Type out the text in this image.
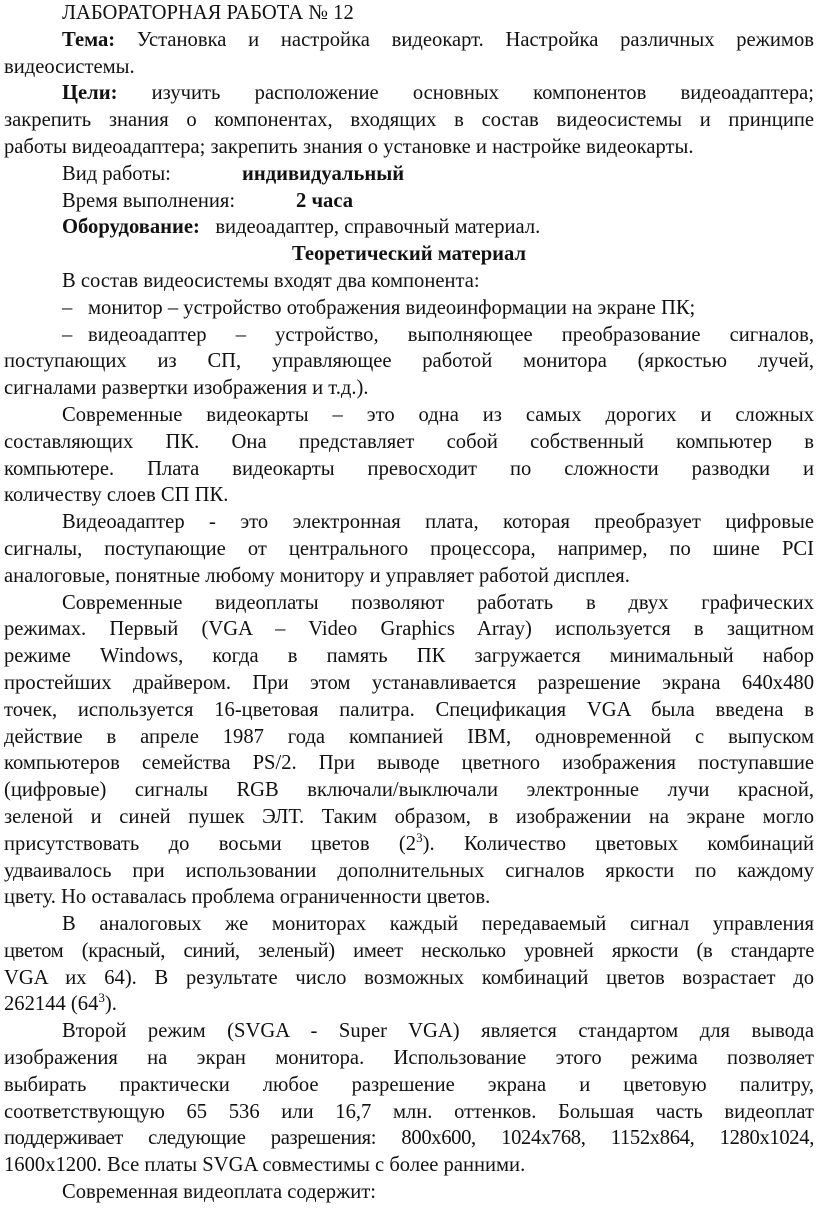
ЛАБОРАТОРНАЯ РАБОТА № 12
Тема: Установка и настройка видеокарт. Настройка различных режимов
видеосистемы.
Цели: изучить расположение основных компонентов видеоадаптера;
закрепить знания о компонентах, входящих в состав видеосистемы и принципе
работы видеоадаптера; закрепить знания о установке и настройке видеокарты.
Вид работы:	индивидуальный
Время выполнения:	2 часа
Оборудование: видеоадаптер, справочный материал.
Теоретический материал
В состав видеосистемы входят два компонента:
– монитор – устройство отображения видеоинформации на экране ПК;
– видеоадаптер – устройство, выполняющее преобразование сигналов,
поступающих из СП, управляющее работой монитора (яркостью лучей,
сигналами развертки изображения и т.д.).
Современные видеокарты – это одна из самых дорогих и сложных
составляющих ПК. Она представляет собой собственный компьютер в
компьютере. Плата видеокарты превосходит по сложности разводки и
количеству слоев СП ПК.
Видеоадаптер - это электронная плата, которая преобразует цифровые
сигналы, поступающие от центрального процессора, например, по шине PCI
аналоговые, понятные любому монитору и управляет работой дисплея.
Современные видеоплаты позволяют работать в двух графических
режимах. Первый (VGA – Video Graphics Array) используется в защитном
режиме Windows, когда в память ПК загружается минимальный набор
простейших драйвером. При этом устанавливается разрешение экрана 640x480
точек, используется 16-цветовая палитра. Спецификация VGA была введена в
действие в апреле 1987 года компанией IBM, одновременной с выпуском
компьютеров семейства PS/2. При выводе цветного изображения поступавшие
(цифровые) сигналы RGB включали/выключали электронные лучи красной,
зеленой и синей пушек ЭЛТ. Таким образом, в изображении на экране могло
присутствовать до восьми цветов $(2^3)$. Количество цветовых комбинаций
удваивалось при использовании дополнительных сигналов яркости по каждому
цвету. Но оставалась проблема ограниченности цветов.
В аналоговых же мониторах каждый передаваемый сигнал управления
цветом (красный, синий, зеленый) имеет несколько уровней яркости (в стандарте
VGA их 64). В результате число возможных комбинаций цветов возрастает до
262144 $(64^3)$.
Второй режим (SVGA - Super VGA) является стандартом для вывода
изображения на экран монитора. Использование этого режима позволяет
выбирать практически любое разрешение экрана и цветовую палитру,
соответствующую 65 536 или 16,7 млн. оттенков. Большая часть видеоплат
поддерживает следующие разрешения: 800x600, 1024x768, 1152x864, 1280x1024,
1600x1200. Все платы SVGA совместимы с более ранними.
Современная видеоплата содержит:
